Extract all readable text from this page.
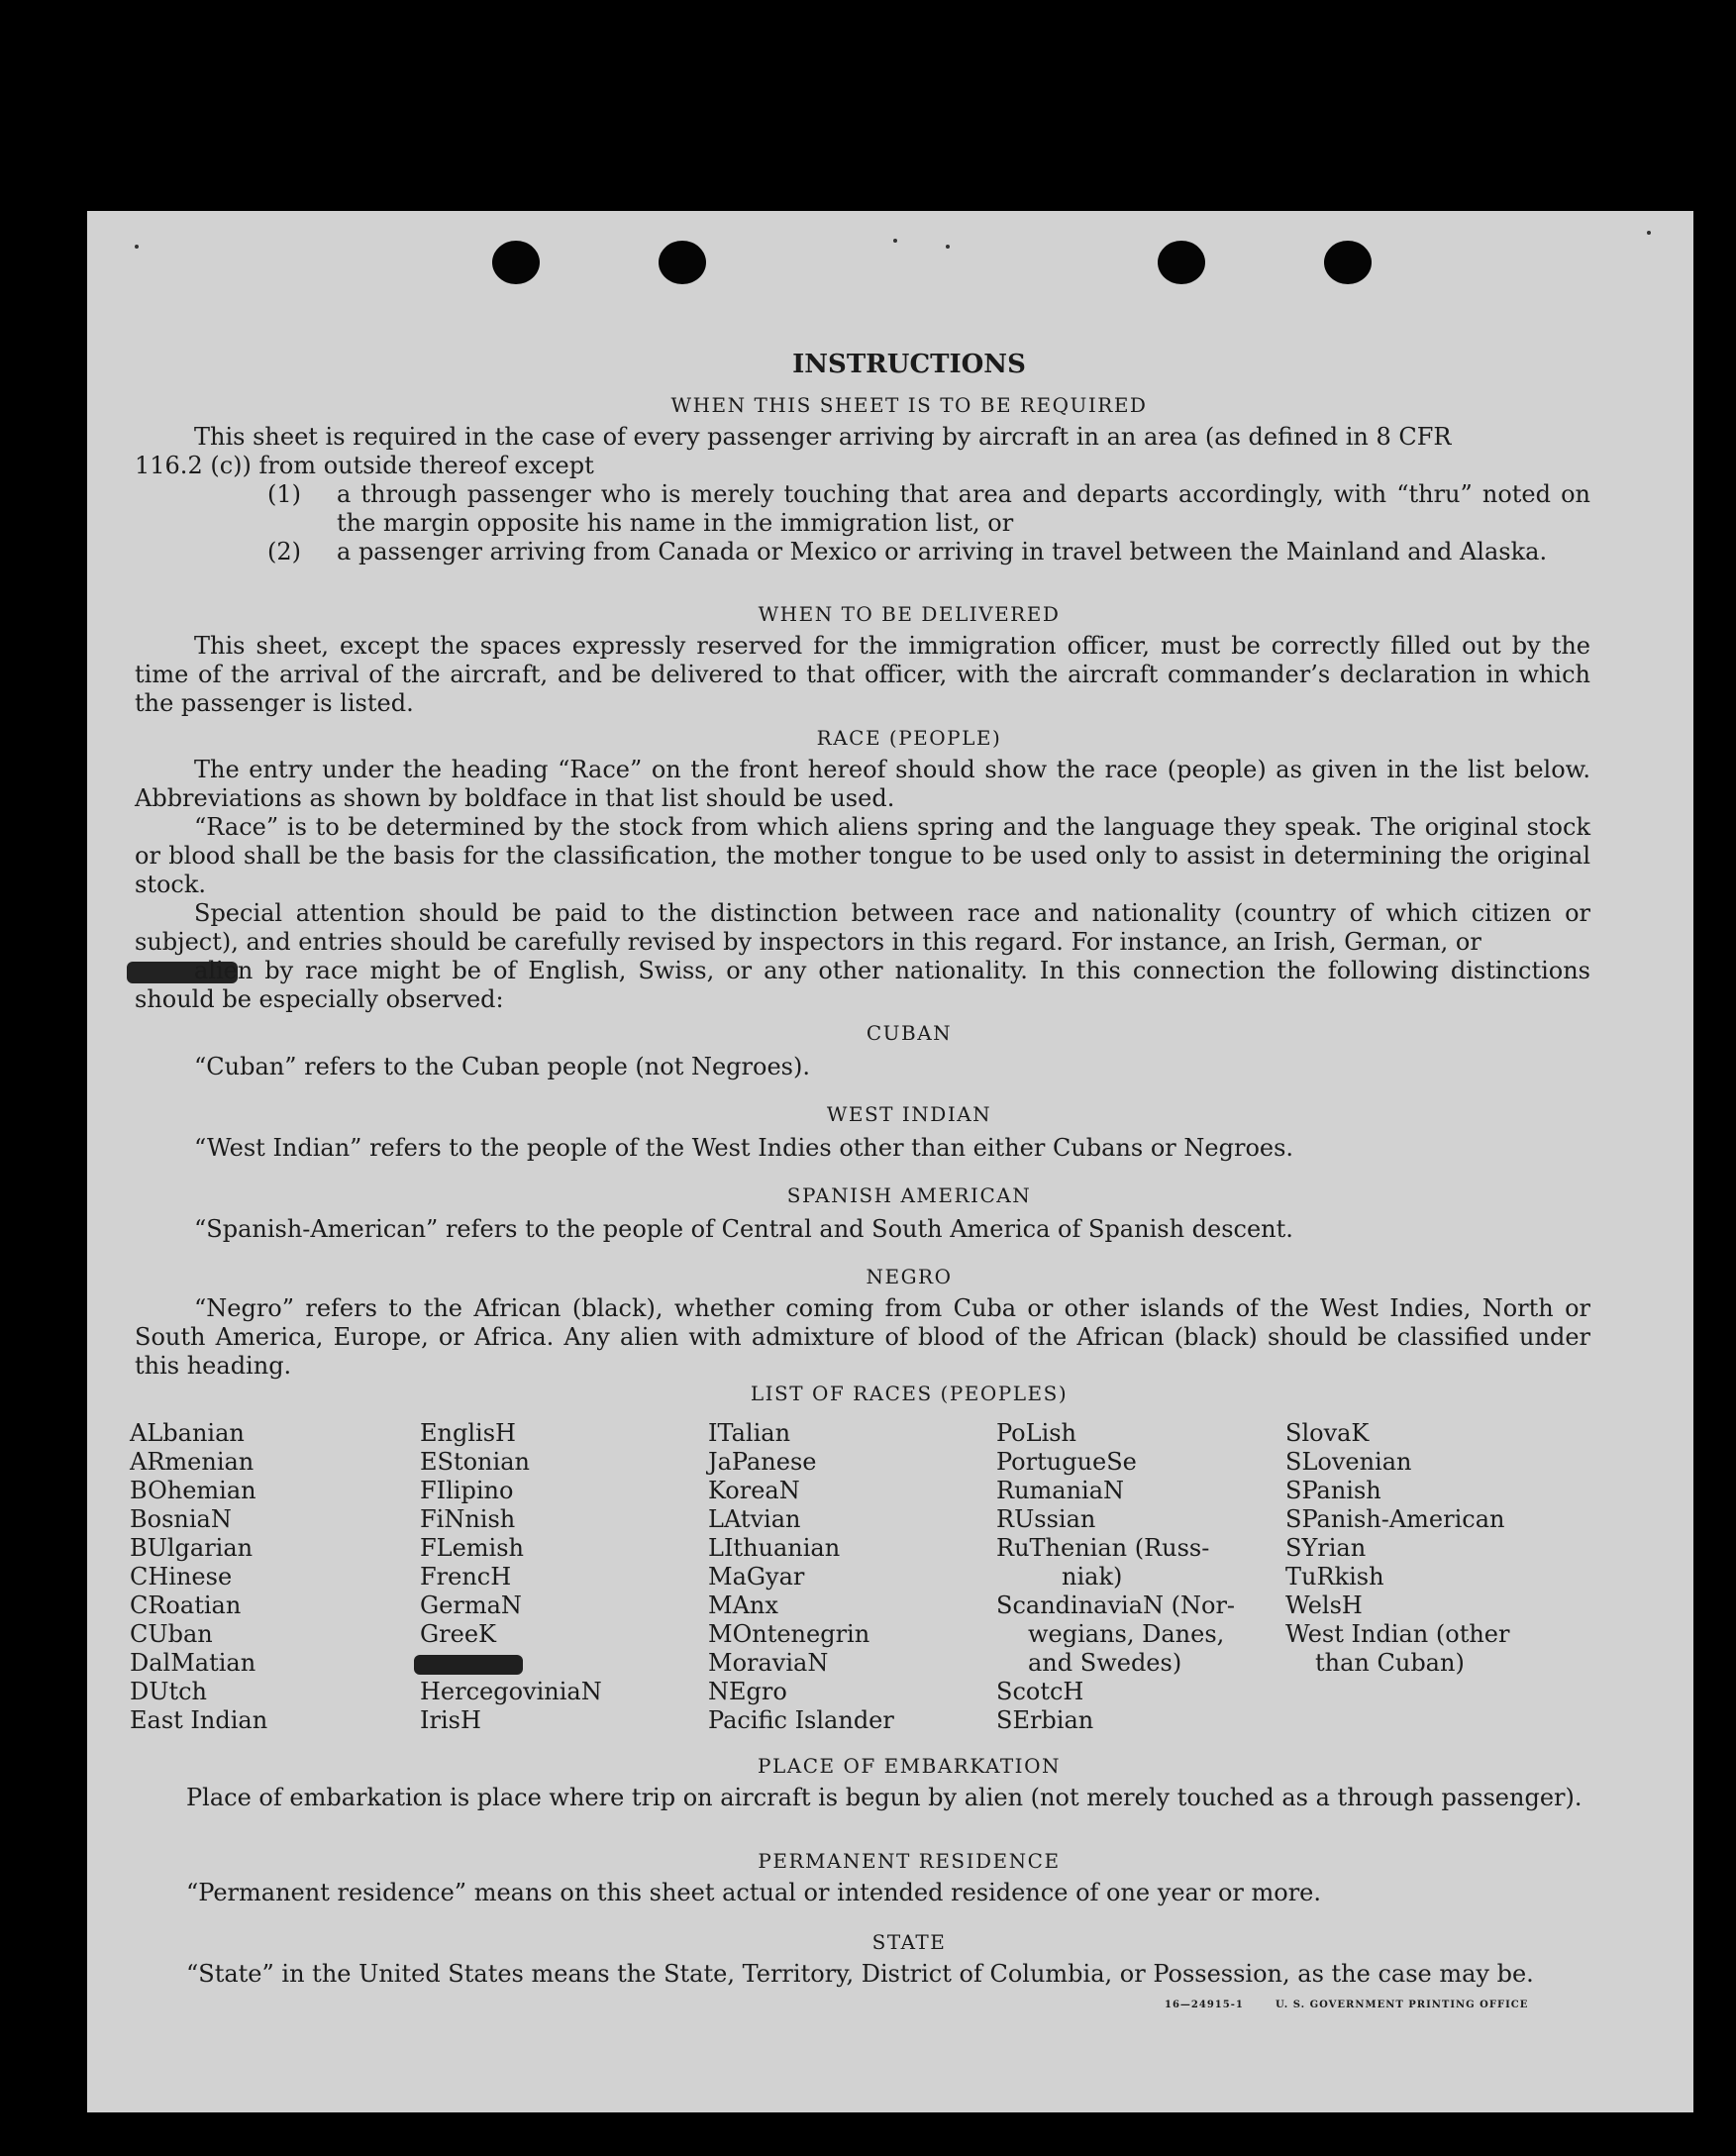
INSTRUCTIONS
WHEN THIS SHEET IS TO BE REQUIRED
This sheet is required in the case of every passenger arriving by aircraft in an area (as defined in 8 CFR
116.2 (c)) from outside thereof except
(1) a through passenger who is merely touching that area and departs accordingly, with “thru” noted on the margin opposite his name in the immigration list, or
(2) a passenger arriving from Canada or Mexico or arriving in travel between the Mainland and Alaska.
WHEN TO BE DELIVERED
This sheet, except the spaces expressly reserved for the immigration officer, must be correctly filled out by the time of the arrival of the aircraft, and be delivered to that officer, with the aircraft commander’s declaration in which the passenger is listed.
RACE (PEOPLE)
The entry under the heading “Race” on the front hereof should show the race (people) as given in the list below. Abbreviations as shown by boldface in that list should be used.
“Race” is to be determined by the stock from which aliens spring and the language they speak. The original stock or blood shall be the basis for the classification, the mother tongue to be used only to assist in determining the original stock.
Special attention should be paid to the distinction between race and nationality (country of which citizen or subject), and entries should be carefully revised by inspectors in this regard. For instance, an Irish, German, or
alien by race might be of English, Swiss, or any other nationality. In this connection the following distinctions should be especially observed:
CUBAN
“Cuban” refers to the Cuban people (not Negroes).
WEST INDIAN
“West Indian” refers to the people of the West Indies other than either Cubans or Negroes.
SPANISH AMERICAN
“Spanish-American” refers to the people of Central and South America of Spanish descent.
NEGRO
“Negro” refers to the African (black), whether coming from Cuba or other islands of the West Indies, North or South America, Europe, or Africa. Any alien with admixture of blood of the African (black) should be classified under this heading.
LIST OF RACES (PEOPLES)
ALbanian
ARmenian
BOhemian
BosniaN
BUlgarian
CHinese
CRoatian
CUban
DalMatian
DUtch
East Indian
EnglisH
EStonian
FIlipino
FiNnish
FLemish
FrencH
GermaN
GreeK
HercegoviniaN
IrisH
ITalian
JaPanese
KoreaN
LAtvian
LIthuanian
MaGyar
MAnx
MOntenegrin
MoraviaN
NEgro
Pacific Islander
PoLish
PortugueSe
RumaniaN
RUssian
RuThenian (Russ-
niak)
ScandinaviaN (Nor-
wegians, Danes,
and Swedes)
ScotcH
SErbian
SlovaK
SLovenian
SPanish
SPanish-American
SYrian
TuRkish
WelsH
West Indian (other
than Cuban)
PLACE OF EMBARKATION
Place of embarkation is place where trip on aircraft is begun by alien (not merely touched as a through passenger).
PERMANENT RESIDENCE
“Permanent residence” means on this sheet actual or intended residence of one year or more.
STATE
“State” in the United States means the State, Territory, District of Columbia, or Possession, as the case may be.
16—24915-1	U. S. GOVERNMENT PRINTING OFFICE
